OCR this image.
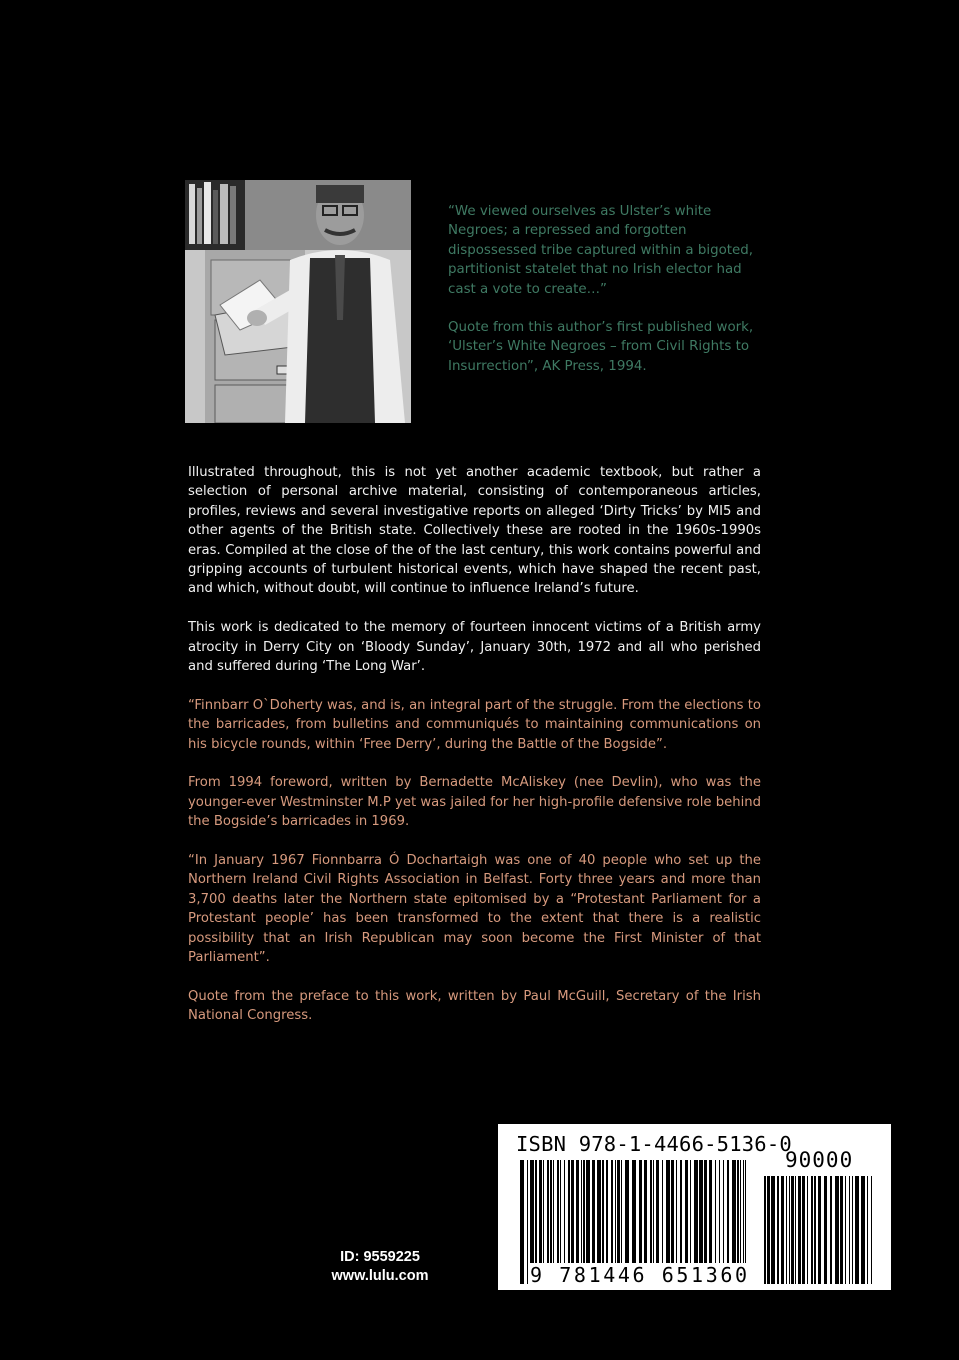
“We viewed ourselves as Ulster’s white Negroes; a repressed and forgotten dispossessed tribe captured within a bigoted, partitionist statelet that no Irish elector had cast a vote to create…”

Quote from this author’s first published work, ‘Ulster’s White Negroes – from Civil Rights to Insurrection”, AK Press, 1994.

Illustrated throughout, this is not yet another academic textbook, but rather a selection of personal archive material, consisting of contemporaneous articles, profiles, reviews and several investigative reports on alleged ‘Dirty Tricks’ by MI5 and other agents of the British state. Collectively these are rooted in the 1960s-1990s eras. Compiled at the close of the of the last century, this work contains powerful and gripping accounts of turbulent historical events, which have shaped the recent past, and which, without doubt, will continue to influence Ireland’s future.

This work is dedicated to the memory of fourteen innocent victims of a British army atrocity in Derry City on ‘Bloody Sunday’, January 30th, 1972 and all who perished and suffered during ‘The Long War’.

“Finnbarr O`Doherty was, and is, an integral part of the struggle. From the elections to the barricades, from bulletins and communiqués to maintaining communications on his bicycle rounds, within ‘Free Derry’, during the Battle of the Bogside”.

From 1994 foreword, written by Bernadette McAliskey (nee Devlin), who was the younger-ever Westminster M.P yet was jailed for her high-profile defensive role behind the Bogside’s barricades in 1969.

“In January 1967 Fionnbarra Ó Dochartaigh was one of 40 people who set up the Northern Ireland Civil Rights Association in Belfast. Forty three years and more than 3,700 deaths later the Northern state epitomised by a “Protestant Parliament for a Protestant people’ has been transformed to the extent that there is a realistic possibility that an Irish Republican may soon become the First Minister of that Parliament”.

Quote from the preface to this work, written by Paul McGuill, Secretary of the Irish National Congress.

ID: 9559225
www.lulu.com
ISBN 978-1-4466-5136-0
90000
9 781446 651360
